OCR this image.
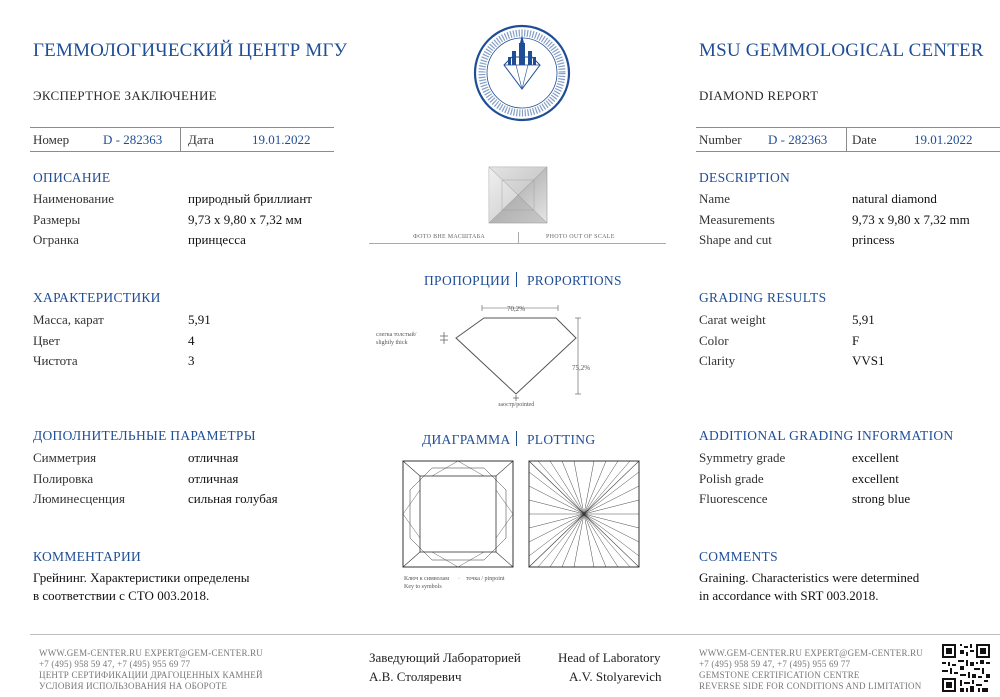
ГЕММОЛОГИЧЕСКИЙ ЦЕНТР МГУ
ЭКСПЕРТНОЕ ЗАКЛЮЧЕНИЕ
Номер	D - 282363 Дата	19.01.2022
ОПИСАНИЕ
Наименование	природный бриллиант
Размеры	9,73 x 9,80 x 7,32 мм
Огранка	принцесса
ХАРАКТЕРИСТИКИ
Масса, карат	5,91
Цвет	4
Чистота	3
ДОПОЛНИТЕЛЬНЫЕ ПАРАМЕТРЫ
Симметрия	отличная
Полировка	отличная
Люминесценция	сильная голубая
КОММЕНТАРИИ
Грейнинг. Характеристики определены
в соответствии с СТО 003.2018.
MSU GEMMOLOGICAL CENTER
DIAMOND REPORT
Number D - 282363 Date	19.01.2022
DESCRIPTION
Name	natural diamond
Measurements	9,73 x 9,80 x 7,32 mm
Shape and cut	princess
GRADING RESULTS
Carat weight	5,91
Color	F
Clarity	VVS1
ADDITIONAL GRADING INFORMATION
Symmetry grade	excellent
Polish grade	excellent
Fluorescence	strong blue
COMMENTS
Graining. Characteristics were determined
in accordance with SRT 003.2018.
ФОТО ВНЕ МАСШТАБА	PHOTO OUT OF SCALE
ПРОПОРЦИИ PROPORTIONS
70,2%
75,2%
слегка толстый/
slightly thick
заостр/pointed
ДИАГРАММА PLOTTING
Ключ к символам
Key to symbols
· точка / pinpoint
WWW.GEM-CENTER.RU EXPERT@GEM-CENTER.RU
+7 (495) 958 59 47, +7 (495) 955 69 77
ЦЕНТР СЕРТИФИКАЦИИ ДРАГОЦЕННЫХ КАМНЕЙ
УСЛОВИЯ ИСПОЛЬЗОВАНИЯ НА ОБОРОТЕ
Заведующий Лабораторией
А.В. Столяревич
Head of Laboratory
A.V. Stolyarevich
WWW.GEM-CENTER.RU EXPERT@GEM-CENTER.RU
+7 (495) 958 59 47, +7 (495) 955 69 77
GEMSTONE CERTIFICATION CENTRE
REVERSE SIDE FOR CONDITIONS AND LIMITATION
